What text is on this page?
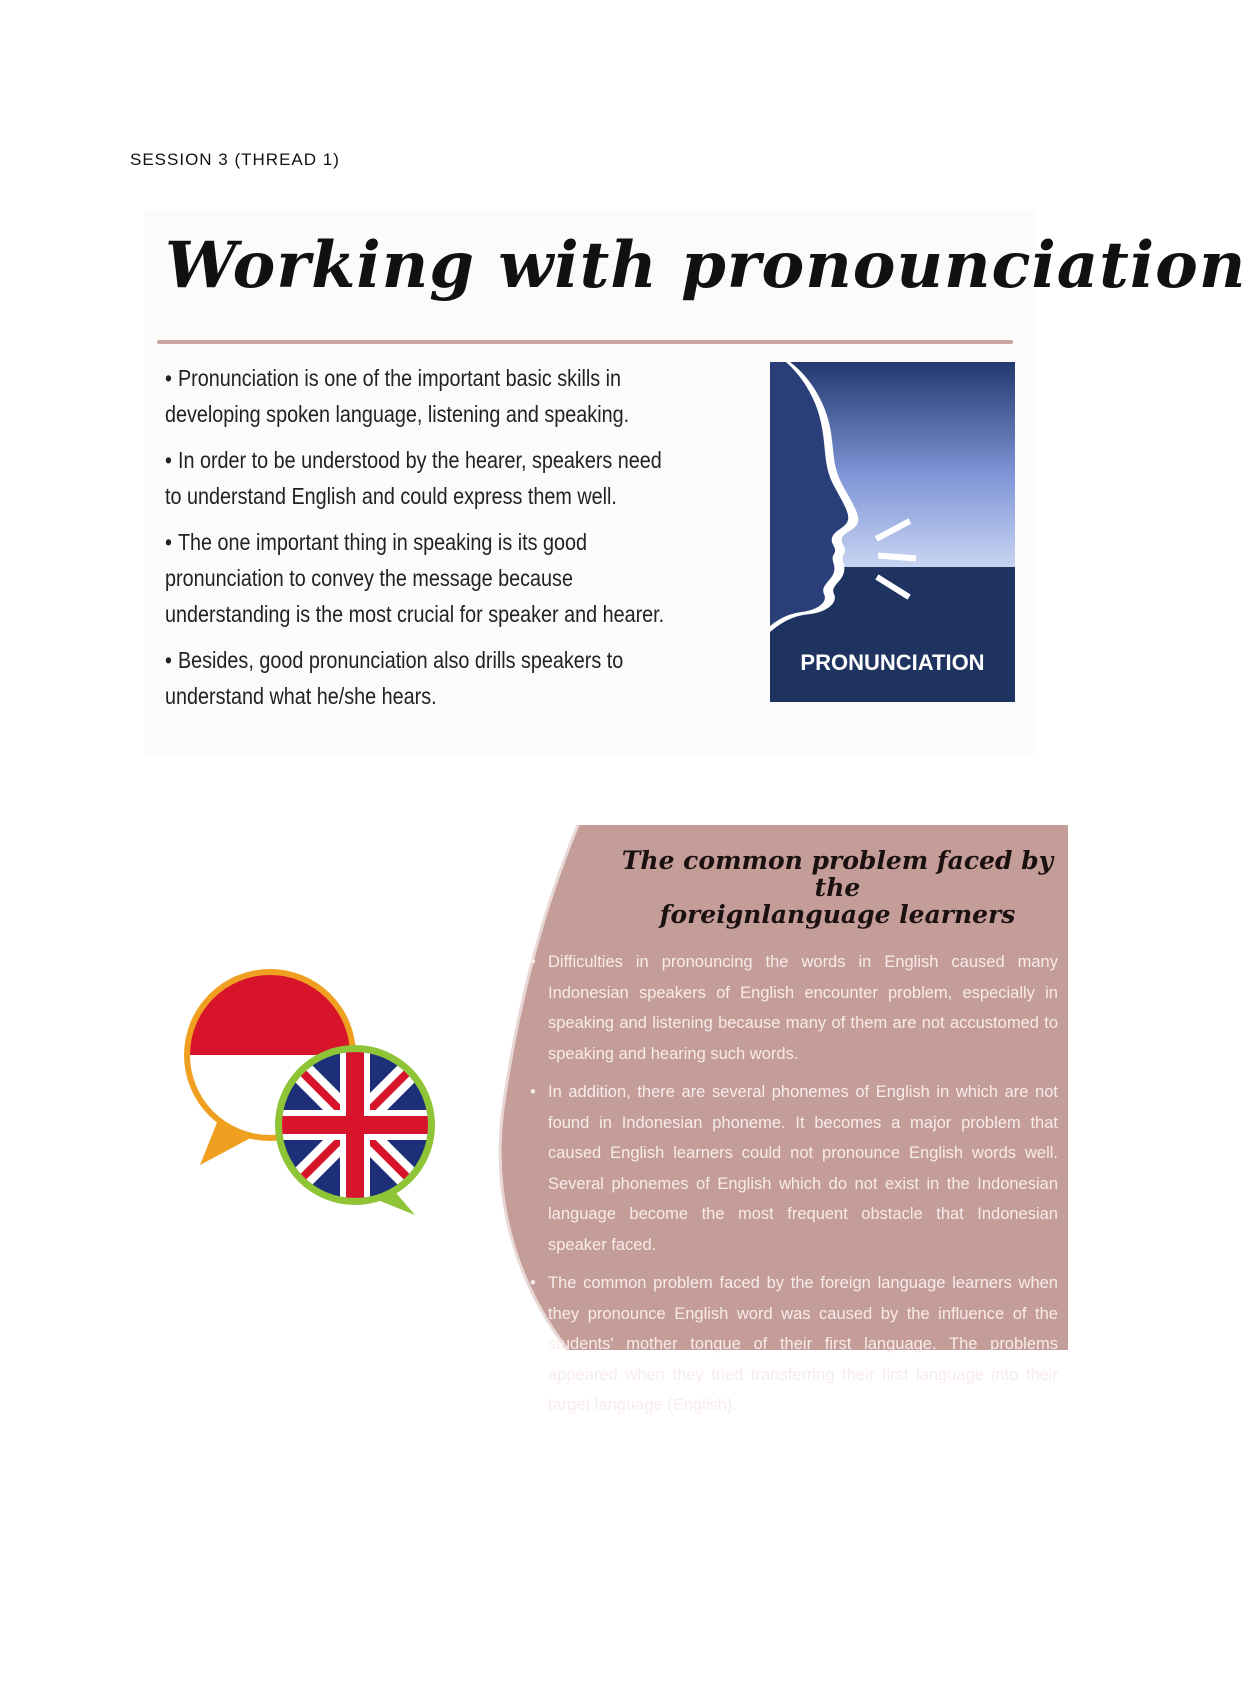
SESSION 3 (THREAD 1)
Working with pronounciation
• Pronunciation is one of the important basic skills in developing spoken language, listening and speaking.
• In order to be understood by the hearer, speakers need to understand English and could express them well.
• The one important thing in speaking is its good pronunciation to convey the message because understanding is the most crucial for speaker and hearer.
• Besides, good pronunciation also drills speakers to understand what he/she hears.
PRONUNCIATION
The common problem faced by the
foreignlanguage learners
• Difficulties in pronouncing the words in English caused many Indonesian speakers of English encounter problem, especially in speaking and listening because many of them are not accustomed to speaking and hearing such words.
• In addition, there are several phonemes of English in which are not found in Indonesian phoneme. It becomes a major problem that caused English learners could not pronounce English words well. Several phonemes of English which do not exist in the Indonesian language become the most frequent obstacle that Indonesian speaker faced.
• The common problem faced by the foreign language learners when they pronounce English word was caused by the influence of the students' mother tongue of their first language. The problems appeared when they tried transferring their first language into their target language (English).
